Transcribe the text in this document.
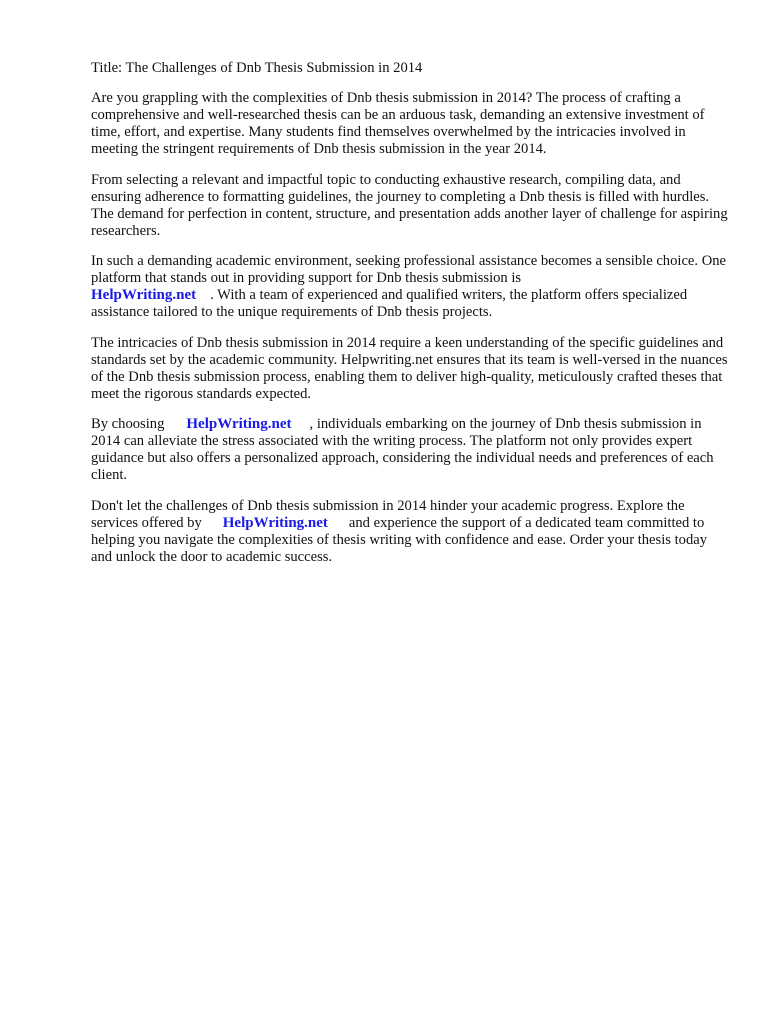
Title: The Challenges of Dnb Thesis Submission in 2014

Are you grappling with the complexities of Dnb thesis submission in 2014? The process of crafting a comprehensive and well-researched thesis can be an arduous task, demanding an extensive investment of time, effort, and expertise. Many students find themselves overwhelmed by the intricacies involved in meeting the stringent requirements of Dnb thesis submission in the year 2014.

From selecting a relevant and impactful topic to conducting exhaustive research, compiling data, and ensuring adherence to formatting guidelines, the journey to completing a Dnb thesis is filled with hurdles. The demand for perfection in content, structure, and presentation adds another layer of challenge for aspiring researchers.

In such a demanding academic environment, seeking professional assistance becomes a sensible choice. One platform that stands out in providing support for Dnb thesis submission is
HelpWriting.net . With a team of experienced and qualified writers, the platform offers specialized assistance tailored to the unique requirements of Dnb thesis projects.

The intricacies of Dnb thesis submission in 2014 require a keen understanding of the specific guidelines and standards set by the academic community. Helpwriting.net ensures that its team is well-versed in the nuances of the Dnb thesis submission process, enabling them to deliver high-quality, meticulously crafted theses that meet the rigorous standards expected.

By choosing HelpWriting.net , individuals embarking on the journey of Dnb thesis submission in 2014 can alleviate the stress associated with the writing process. The platform not only provides expert guidance but also offers a personalized approach, considering the individual needs and preferences of each client.

Don't let the challenges of Dnb thesis submission in 2014 hinder your academic progress. Explore the services offered by HelpWriting.net and experience the support of a dedicated team committed to helping you navigate the complexities of thesis writing with confidence and ease. Order your thesis today and unlock the door to academic success.
